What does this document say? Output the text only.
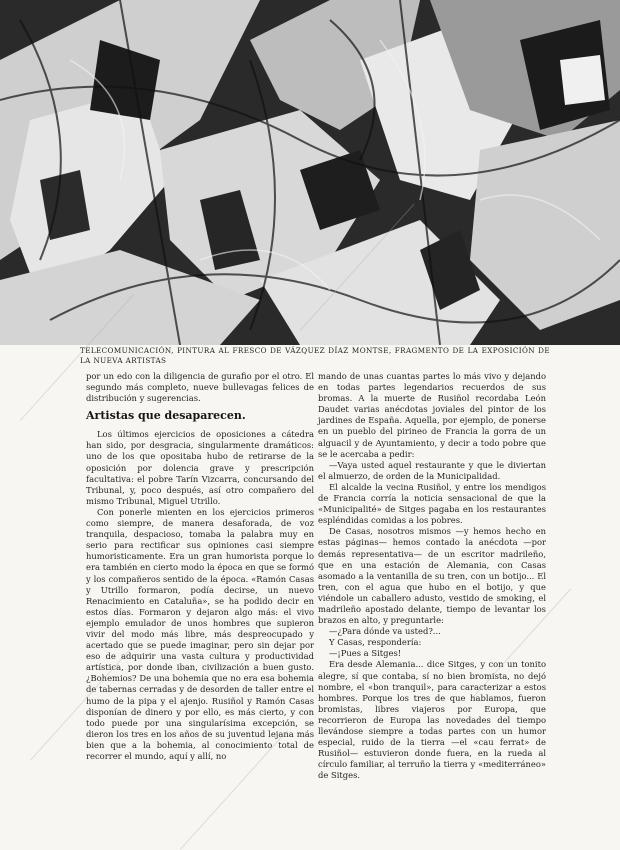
TELECOMUNICACIÓN, PINTURA AL FRESCO DE VÁZQUEZ DÍAZ MONTSE, FRAGMENTO DE LA EXPOSICIÓN DE LA NUEVA ARTISTAS

por un edo con la diligencia de gurafio por el otro. El segundo más completo, nueve bullevagas felices de distribución y sugerencias.

Artistas que desaparecen.

Los últimos ejercicios de oposiciones a cátedra han sido, por desgracia, singularmente dramáticos: uno de los que opositaba hubo de retirarse de la oposición por dolencia grave y prescripción facultativa: el pobre Tarín Vizcarra, concursando del Tribunal, y, poco después, así otro compañero del mismo Tribunal, Miguel Utrillo.

Con ponerle mienten en los ejercicios primeros como siempre, de manera desaforada, de voz tranquila, despacioso, tomaba la palabra muy en serio para rectificar sus opiniones casi siempre humoristicamente. Era un gran humorista porque lo era también en cierto modo la época en que se formó y los compañeros sentido de la época. «Ramón Casas y Utrillo formaron, podía decirse, un nuevo Renacimiento en Cataluña», se ha podido decir en estos días. Formaron y dejaron algo más: el vivo ejemplo emulador de unos hombres que supieron vivir del modo más libre, más despreocupado y acertado que se puede imaginar, pero sin dejar por eso de adquirir una vasta cultura y productividad artística, por donde iban, civilización a buen gusto. ¿Bohemios? De una bohemia que no era esa bohemia de tabernas cerradas y de desorden de taller entre el humo de la pipa y el ajenjo. Rusiñol y Ramón Casas disponían de dinero y por ello, es más cierto, y con todo puede por una singularísima excepción, se dieron los tres en los años de su juventud lejana más bien que a la bohemia, al conocimiento total de recorrer el mundo, aquí y allí, no

mando de unas cuantas partes lo más vivo y dejando en todas partes legendarios recuerdos de sus bromas. A la muerte de Rusiñol recordaba León Daudet varias anécdotas joviales del pintor de los jardines de España. Aquella, por ejemplo, de ponerse en un pueblo del pirineo de Francia la gorra de un alguacil y de Ayuntamiento, y decir a todo pobre que se le acercaba a pedir:

—Vaya usted aquel restaurante y que le diviertan el almuerzo, de orden de la Municipalidad.

El alcalde la vecina Rusiñol, y entre los mendigos de Francia corría la noticia sensacional de que la «Municipalité» de Sitges pagaba en los restaurantes espléndidas comidas a los pobres.

De Casas, nosotros mismos —y hemos hecho en estas páginas— hemos contado la anécdota —por demás representativa— de un escritor madrileño, que en una estación de Alemania, con Casas asomado a la ventanilla de su tren, con un botijo... El tren, con el agua que hubo en el botijo, y que viéndole un caballero adusto, vestido de smoking, el madrileño apostado delante, tiempo de levantar los brazos en alto, y preguntarle:

—¿Para dónde va usted?...

Y Casas, respondería:

—¡Pues a Sitges!

Era desde Alemania... dice Sitges, y con un tonito alegre, sí que contaba, sí no bien bromista, no dejó nombre, el «bon tranquil», para caracterizar a estos hombres. Porque los tres de que hablamos, fueron bromistas, libres viajeros por Europa, que recorrieron de Europa las novedades del tiempo llevándose siempre a todas partes con un humor especial, ruido de la tierra —el «cau ferrat» de Rusiñol— estuvieron donde fuera, en la rueda al círculo familiar, al terruño la tierra y «mediterráneo» de Sitges.
